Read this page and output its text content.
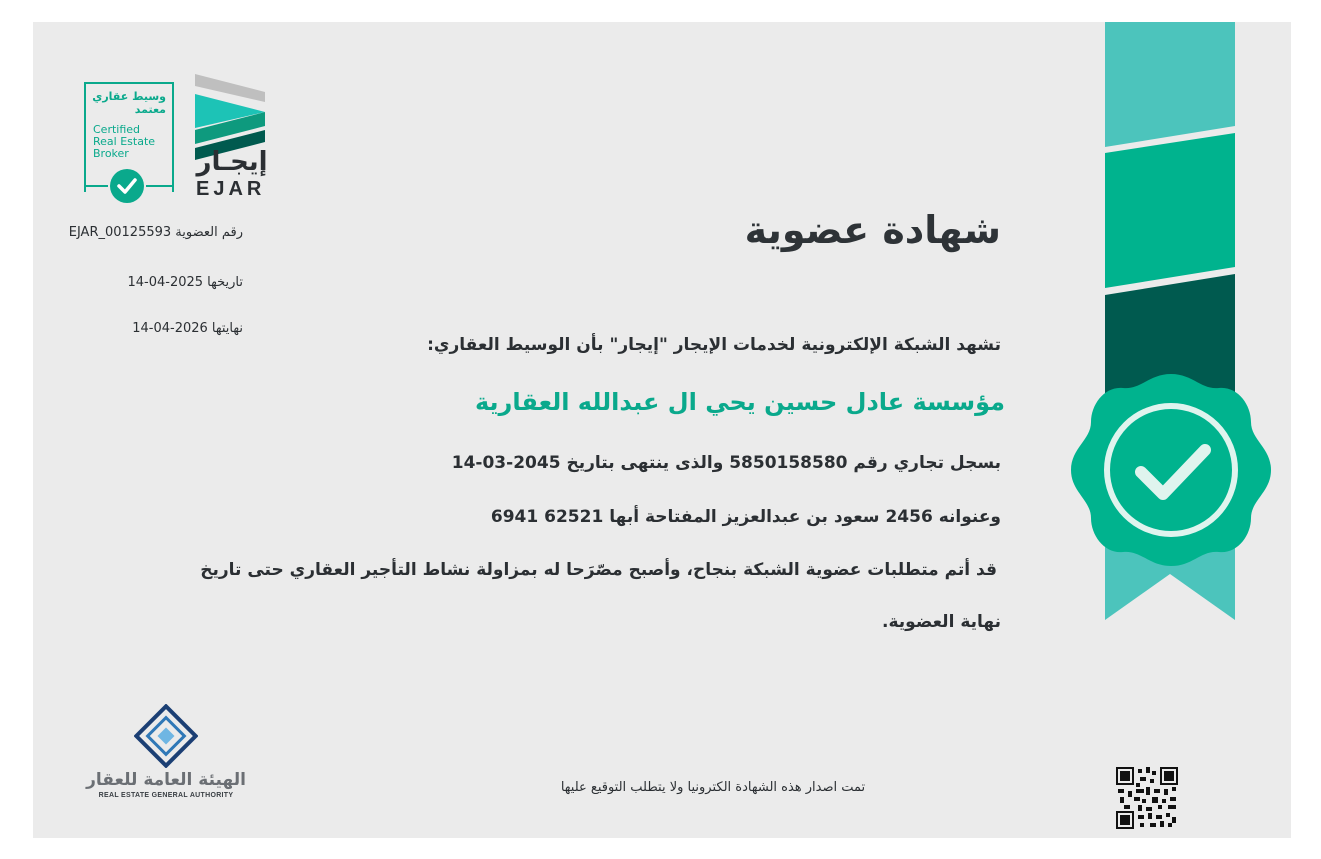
وسيط عقاري
معتمد
Certified
Real Estate
Broker	إيجـار
EJAR
رقم العضوية EJAR_00125593
تاريخها 2025-04-14
نهايتها 2026-04-14
شهادة عضوية
تشهد الشبكة الإلكترونية لخدمات الإيجار "إيجار" بأن الوسيط العقاري:
مؤسسة عادل حسين يحي ال عبدالله العقارية
بسجل تجاري رقم 5850158580 والذى ينتهى بتاريخ 2045-03-14
وعنوانه 2456 سعود بن عبدالعزيز المفتاحة أبها 62521 6941
قد أتم متطلبات عضوية الشبكة بنجاح، وأصبح مصّرَحا له بمزاولة نشاط التأجير العقاري حتى تاريخ
نهاية العضوية.
الهيئة العامة للعقار
REAL ESTATE GENERAL AUTHORITY
تمت اصدار هذه الشهادة الكترونيا ولا يتطلب التوقيع عليها
